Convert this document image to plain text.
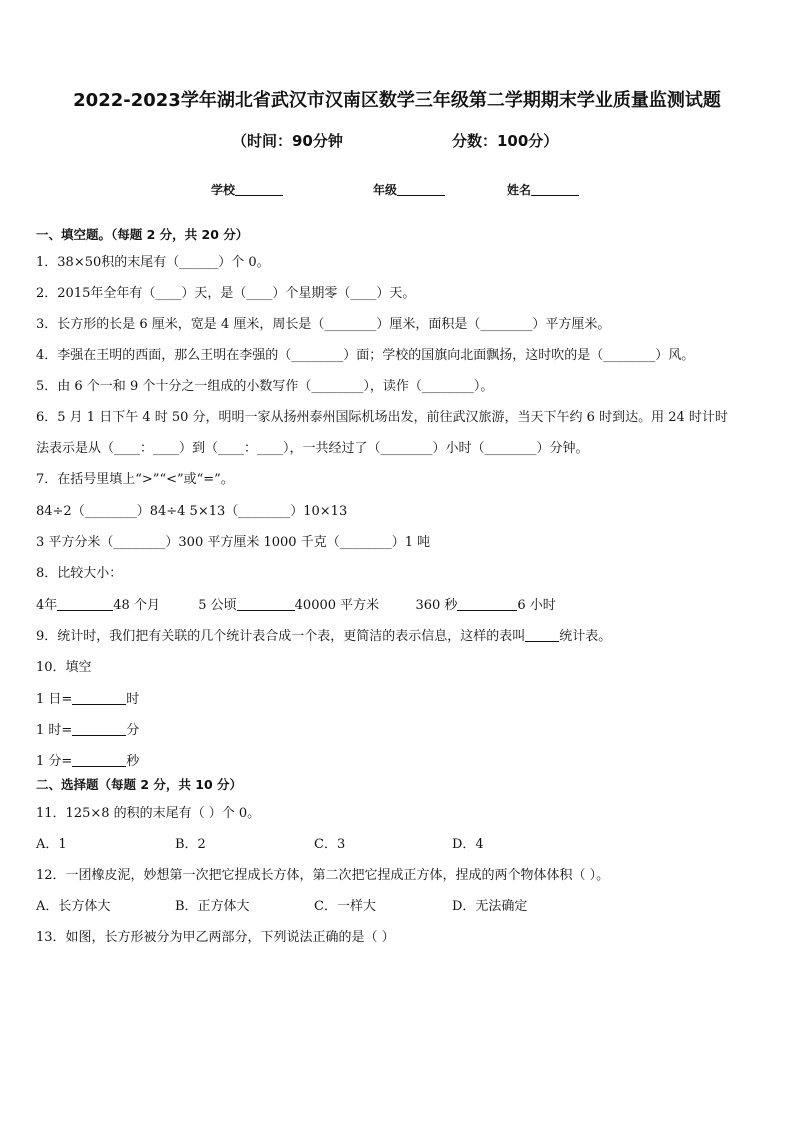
2022-2023学年湖北省武汉市汉南区数学三年级第二学期期末学业质量监测试题
（时间：90分钟	分数：100分）
学校	年级	姓名
一、填空题。（每题 2 分，共 20 分）
1．38×50积的末尾有（______）个 0。
2．2015年全年有（____）天，是（____）个星期零（____）天。
3．长方形的长是 6 厘米，宽是 4 厘米，周长是（________）厘米，面积是（________）平方厘米。
4．李强在王明的西面，那么王明在李强的（________）面；学校的国旗向北面飘扬，这时吹的是（________）风。
5．由 6 个一和 9 个十分之一组成的小数写作（________），读作（________）。
6．5 月 1 日下午 4 时 50 分，明明一家从扬州泰州国际机场出发，前往武汉旅游，当天下午约 6 时到达。用 24 时计时
法表示是从（____：____）到（____：____），一共经过了（________）小时（________）分钟。
7．在括号里填上“>”“<”或“=”。
84÷2（________）84÷4 5×13（________）10×13
3 平方分米（________）300 平方厘米 1000 千克（________）1 吨
8．比较大小：
4年	48 个月	5 公顷	40000 平方米	360 秒	6 小时
9．统计时，我们把有关联的几个统计表合成一个表，更简洁的表示信息，这样的表叫	统计表。
10．填空
1 日=	时
1 时=	分
1 分=	秒
二、选择题（每题 2 分，共 10 分）
11．125×8 的积的末尾有（ ）个 0。
A．1	B．2	C．3	D．4
12．一团橡皮泥，妙想第一次把它捏成长方体，第二次把它捏成正方体，捏成的两个物体体积（ ）。
A．长方体大	B．正方体大	C．一样大	D．无法确定
13．如图，长方形被分为甲乙两部分，下列说法正确的是（ ）
